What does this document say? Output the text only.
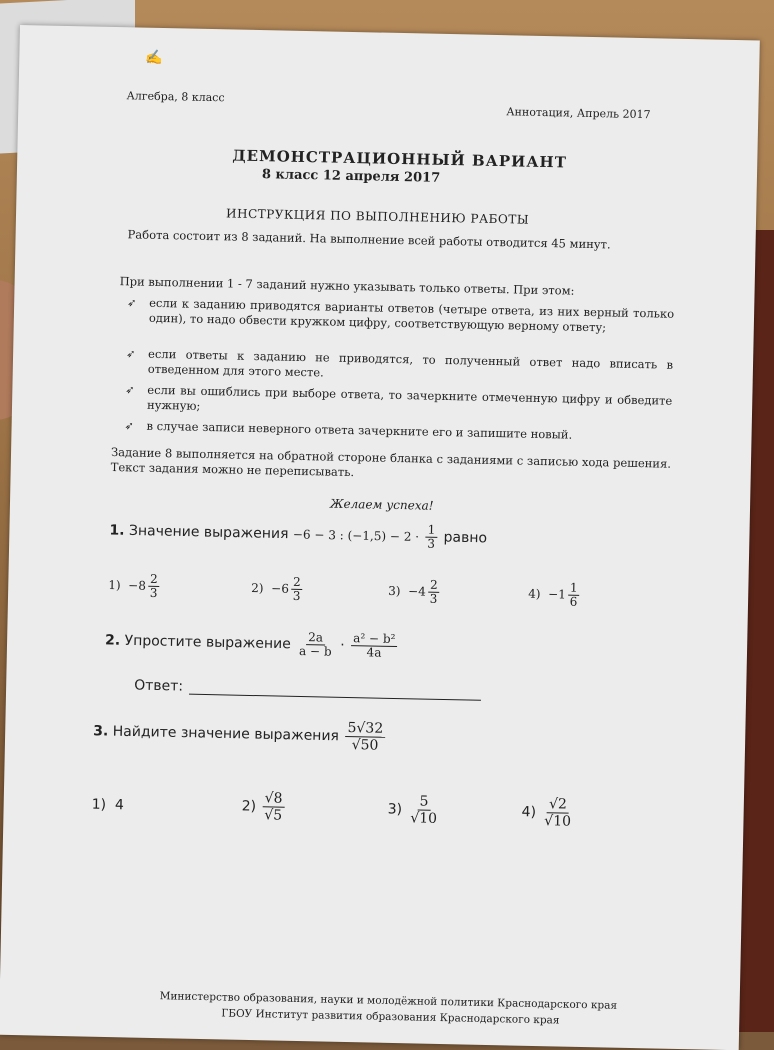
✍
Алгебра, 8 класс
Аннотация, Апрель 2017
ДЕМОНСТРАЦИОННЫЙ ВАРИАНТ
8 класс 12 апреля 2017
ИНСТРУКЦИЯ ПО ВЫПОЛНЕНИЮ РАБОТЫ
Работа состоит из 8 заданий. На выполнение всей работы отводится 45 минут.
При выполнении 1 - 7 заданий нужно указывать только ответы. При этом:
➶ если к заданию приводятся варианты ответов (четыре ответа, из них верный только один), то надо обвести кружком цифру, соответствующую верному ответу;
➶ если ответы к заданию не приводятся, то полученный ответ надо вписать в отведенном для этого месте.
➶ если вы ошиблись при выборе ответа, то зачеркните отмеченную цифру и обведите нужную;
➶ в случае записи неверного ответа зачеркните его и запишите новый.
Задание 8 выполняется на обратной стороне бланка с заданиями с записью хода решения. Текст задания можно не переписывать.
Желаем успеха!
1. Значение выражения −6 − 3 : $(-1,5) - 2 \cdot \frac{1}{3}$ равно
$1) -8 \frac{2}{3}$	$2) -6 \frac{2}{3}$	$3) -4 \frac{2}{3}$	$4) -1 \frac{1}{6}$
2. Упростите выражение $\frac{2a}{a - b} \cdot \frac{\text{a² − b²}}{4a}$
Ответ:
3. Найдите значение выражения $\frac{5√32}{√50}$
1) 4	$2) \frac{√8}{√5}$	$3) \frac{5}{√10}$	$4) \frac{√2}{√10}$
Министерство образования, науки и молодёжной политики Краснодарского края
ГБОУ Институт развития образования Краснодарского края
